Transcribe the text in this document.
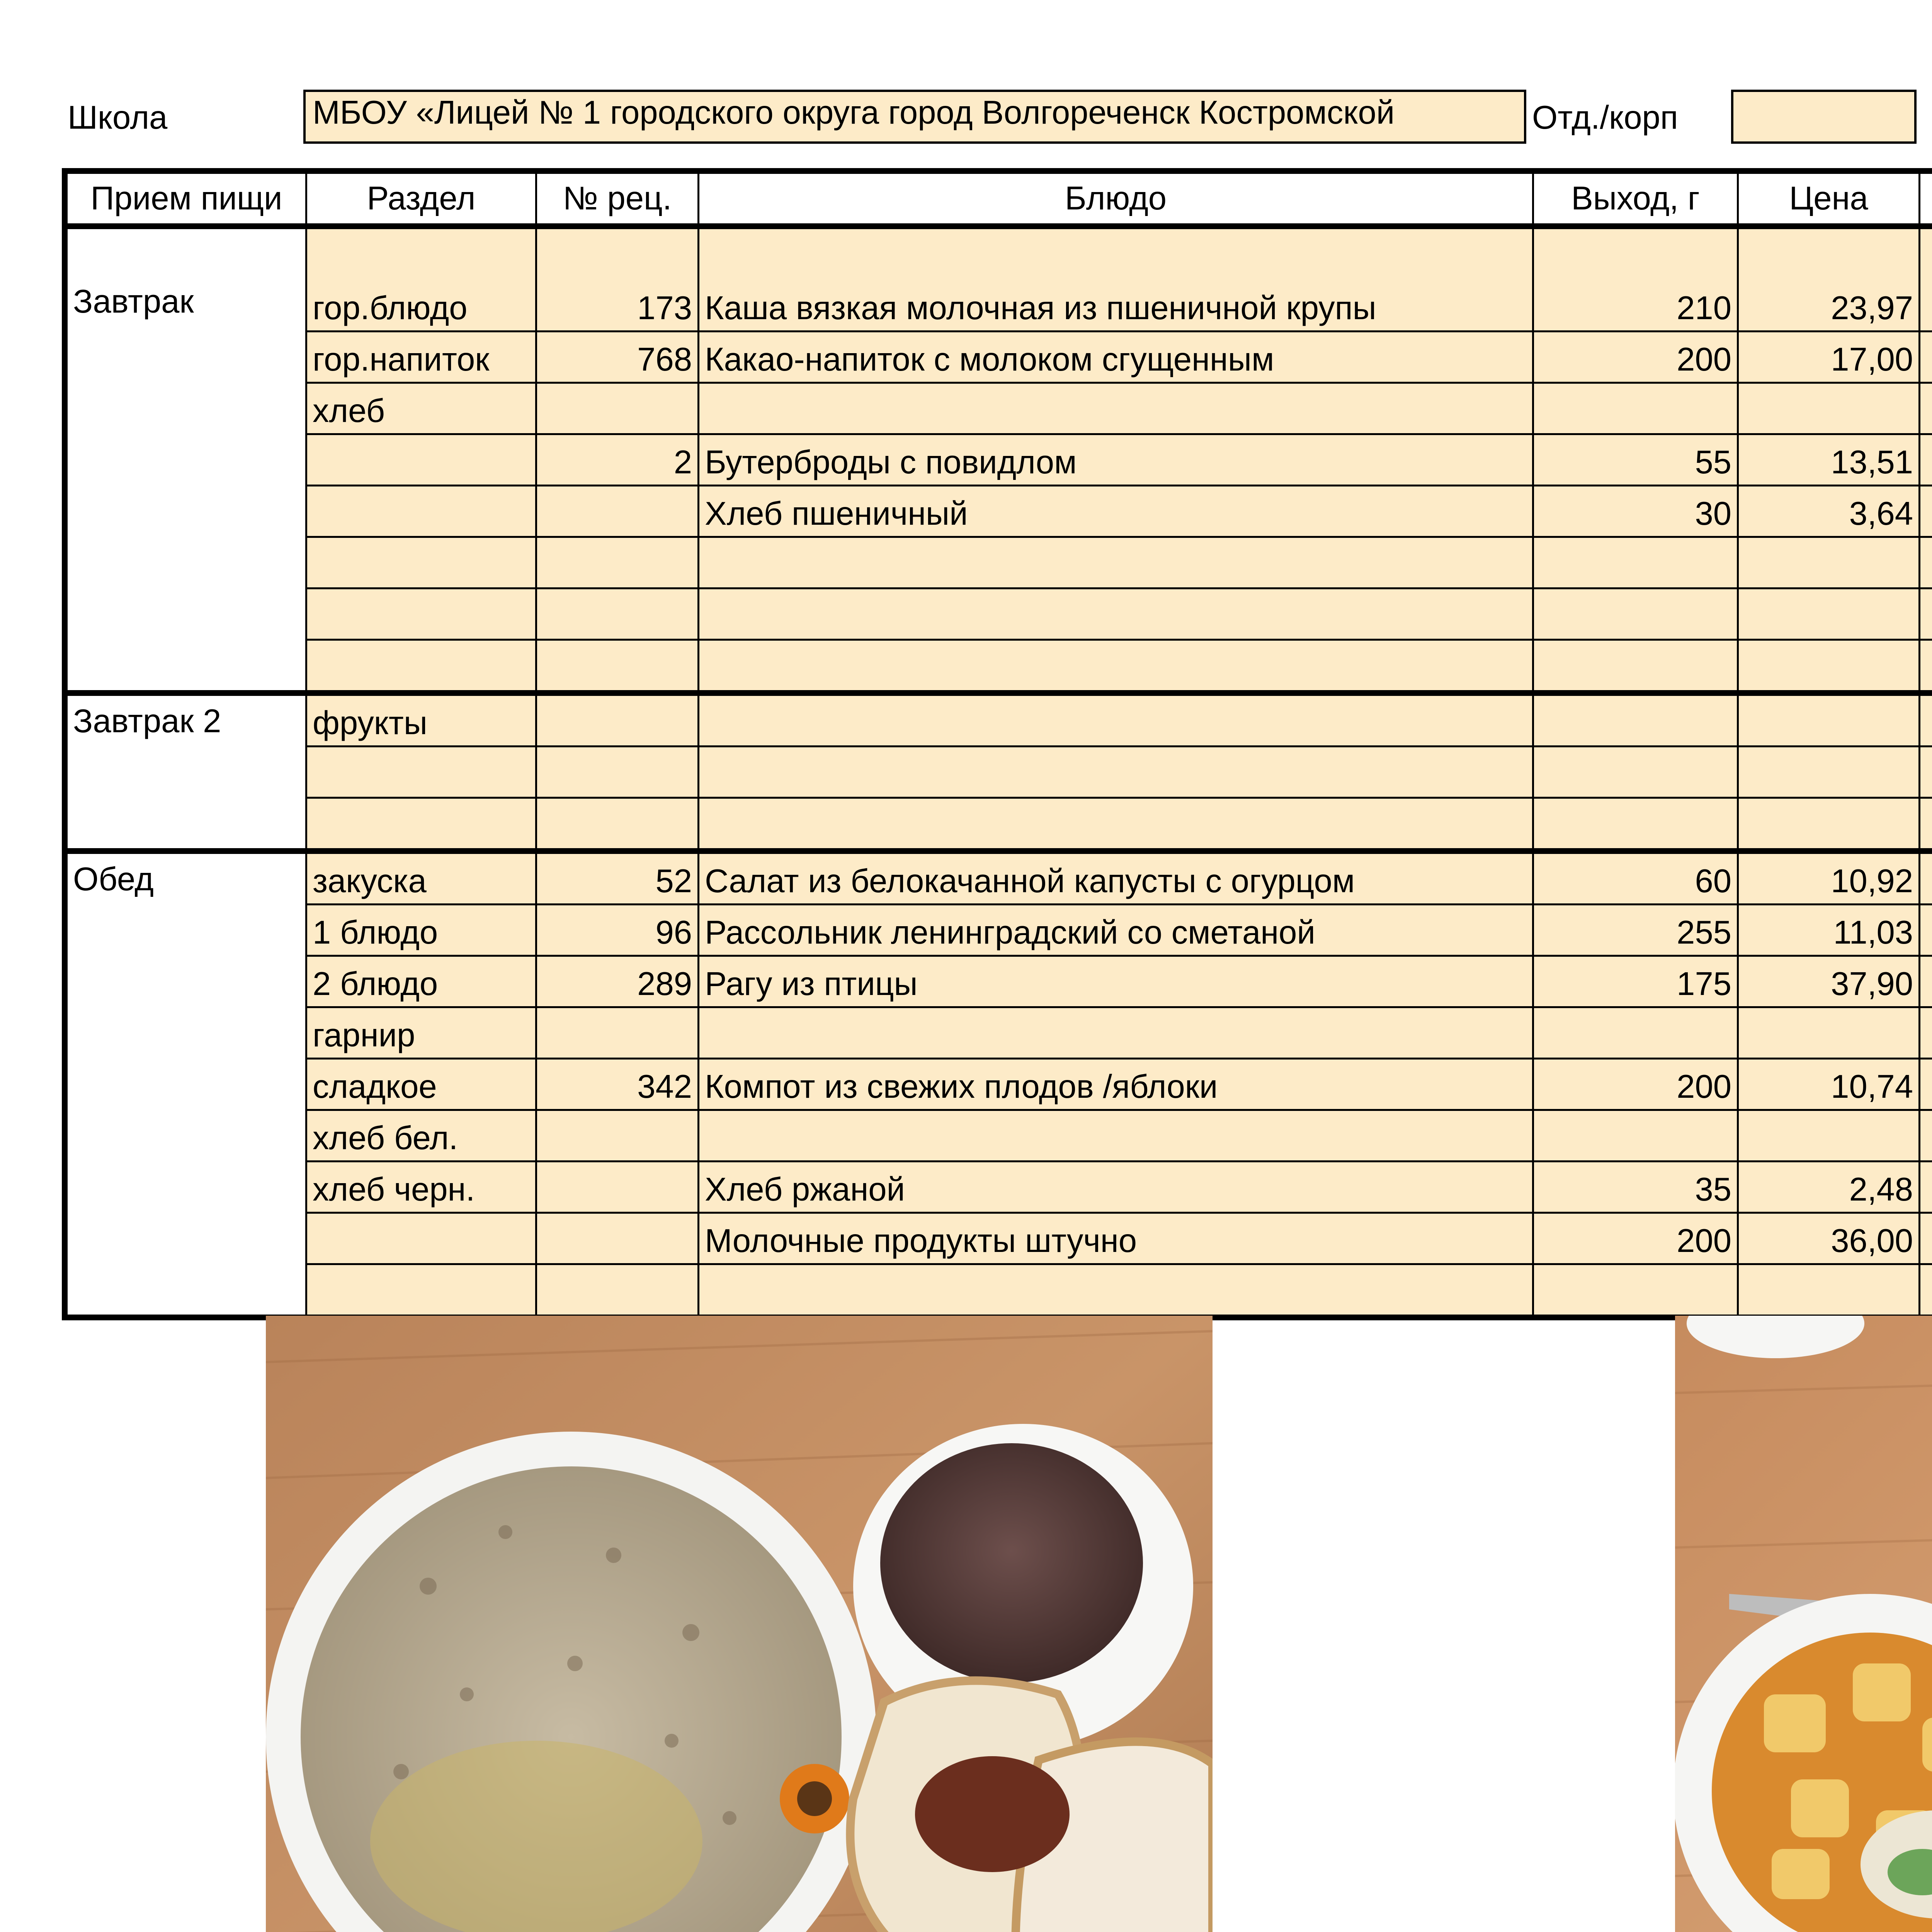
Школа	МБОУ «Лицей № 1 городского округа город Волгореченск Костромской	Отд./корп
Прием пищи	Раздел	№ рец.	Блюдо	Выход, г	Цена				
Завтрак	гор.блюдо	173	Каша вязкая молочная из пшеничной крупы	210	23,97				
	гор.напиток	768	Какао-напиток с молоком сгущенным	200	17,00				
	хлеб								
		2	Бутерброды с повидлом	55	13,51				
			Хлеб пшеничный	30	3,64				

Завтрак 2	фрукты								

Обед	закуска	52	Салат из белокачанной капусты с огурцом	60	10,92				
	1 блюдо	96	Рассольник ленинградский со сметаной	255	11,03				
	2 блюдо	289	Рагу из птицы	175	37,90				
	гарнир								
	сладкое	342	Компот из свежих плодов /яблоки	200	10,74				
	хлеб бел.								
	хлеб черн.		Хлеб ржаной	35	2,48				
			Молочные продукты штучно	200	36,00				
